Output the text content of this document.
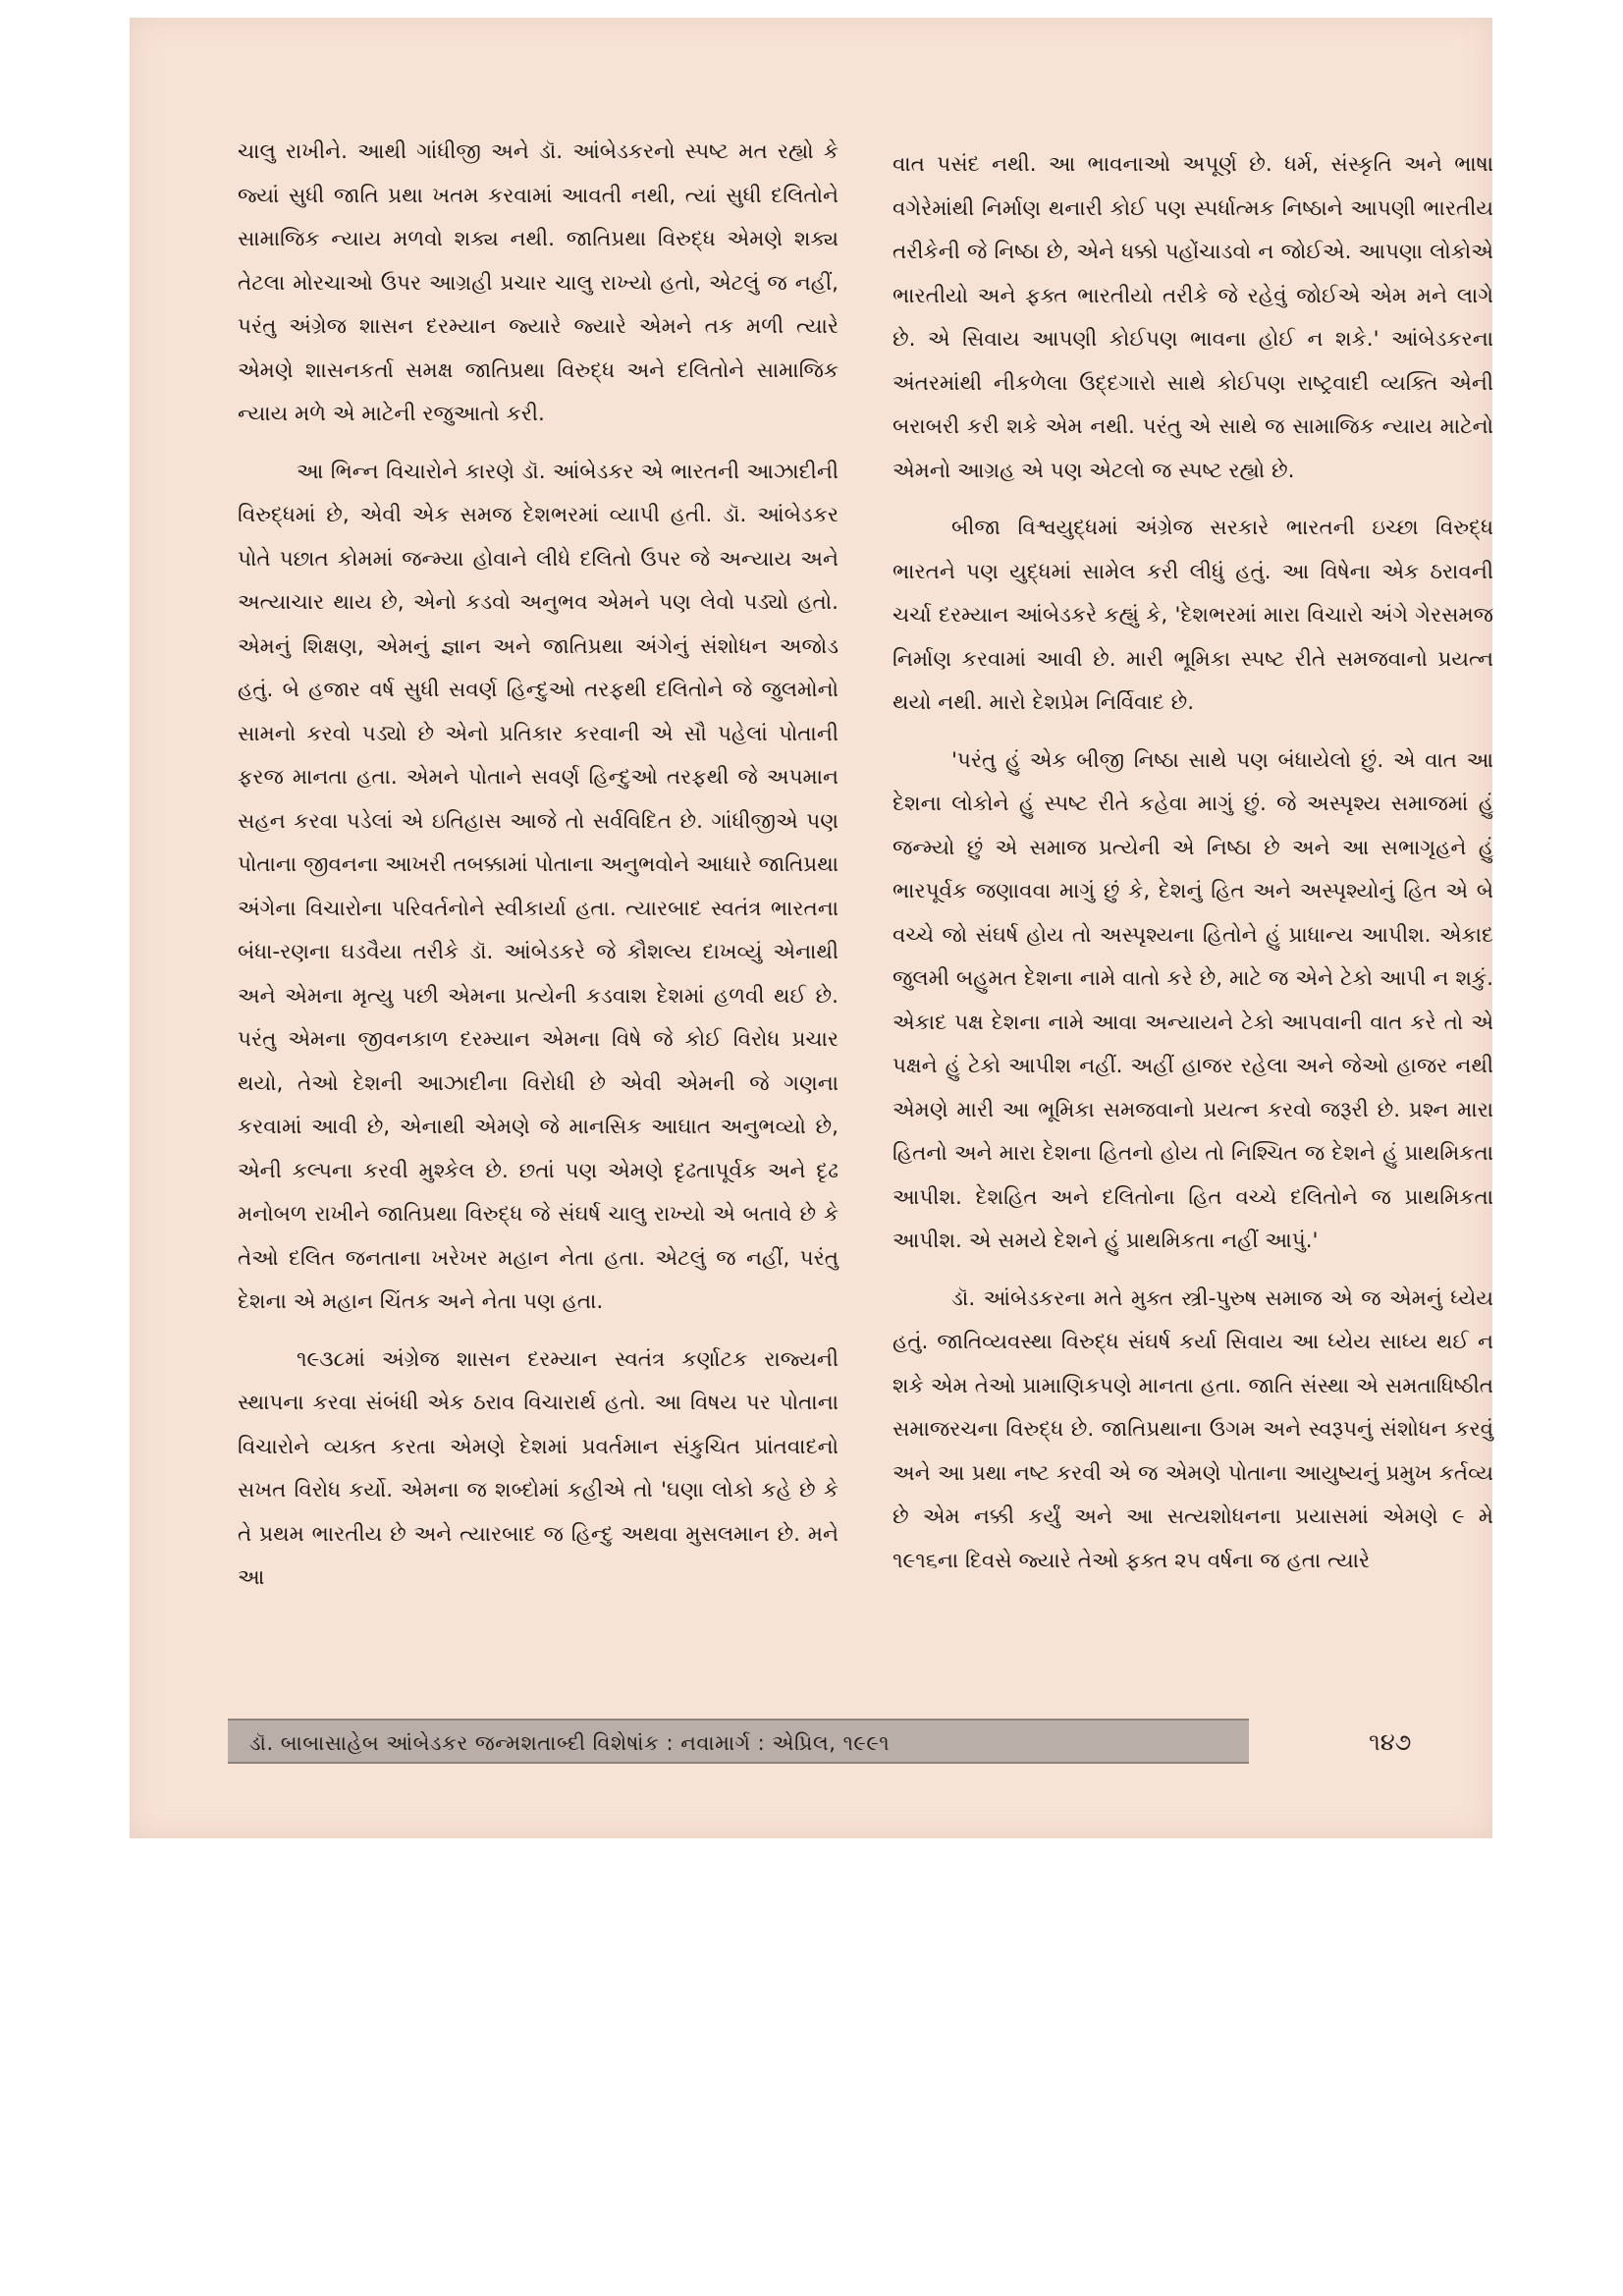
ચાલુ રાખીને. આથી ગાંધીજી અને ડૉ. આંબેડકરનો સ્પષ્ટ મત રહ્યો કે જ્યાં સુધી જાતિ પ્રથા ખતમ કરવામાં આવતી નથી, ત્યાં સુધી દલિતોને સામાજિક ન્યાય મળવો શક્ય નથી. જાતિપ્રથા વિરુદ્ધ એમણે શક્ય તેટલા મોરચાઓ ઉપર આગ્રહી પ્રચાર ચાલુ રાખ્યો હતો, એટલું જ નહીં, પરંતુ અંગ્રેજ શાસન દરમ્યાન જ્યારે જ્યારે એમને તક મળી ત્યારે એમણે શાસનકર્તા સમક્ષ જાતિપ્રથા વિરુદ્ધ અને દલિતોને સામાજિક ન્યાય મળે એ માટેની રજુઆતો કરી.

આ ભિન્ન વિચારોને કારણે ડૉ. આંબેડકર એ ભારતની આઝાદીની વિરુદ્ધમાં છે, એવી એક સમજ દેશભરમાં વ્યાપી હતી. ડૉ. આંબેડકર પોતે પછાત કોમમાં જન્મ્યા હોવાને લીધે દલિતો ઉપર જે અન્યાય અને અત્યાચાર થાય છે, એનો કડવો અનુભવ એમને પણ લેવો પડ્યો હતો. એમનું શિક્ષણ, એમનું જ્ઞાન અને જાતિપ્રથા અંગેનું સંશોધન અજોડ હતું. બે હજાર વર્ષ સુધી સવર્ણ હિન્દુઓ તરફથી દલિતોને જે જુલમોનો સામનો કરવો પડ્યો છે એનો પ્રતિકાર કરવાની એ સૌ પહેલાં પોતાની ફરજ માનતા હતા. એમને પોતાને સવર્ણ હિન્દુઓ તરફથી જે અપમાન સહન કરવા પડેલાં એ ઇતિહાસ આજે તો સર્વવિદિત છે. ગાંધીજીએ પણ પોતાના જીવનના આખરી તબક્કામાં પોતાના અનુભવોને આધારે જાતિપ્રથા અંગેના વિચારોના પરિવર્તનોને સ્વીકાર્યા હતા. ત્યારબાદ સ્વતંત્ર ભારતના બંધા-રણના ઘડવૈયા તરીકે ડૉ. આંબેડકરે જે કૌશલ્ય દાખવ્યું એનાથી અને એમના મૃત્યુ પછી એમના પ્રત્યેની કડવાશ દેશમાં હળવી થઈ છે. પરંતુ એમના જીવનકાળ દરમ્યાન એમના વિષે જે કોઈ વિરોધ પ્રચાર થયો, તેઓ દેશની આઝાદીના વિરોધી છે એવી એમની જે ગણના કરવામાં આવી છે, એનાથી એમણે જે માનસિક આઘાત અનુભવ્યો છે, એની કલ્પના કરવી મુશ્કેલ છે. છતાં પણ એમણે દૃઢતાપૂર્વક અને દૃઢ મનોબળ રાખીને જાતિપ્રથા વિરુદ્ધ જે સંઘર્ષ ચાલુ રાખ્યો એ બતાવે છે કે તેઓ દલિત જનતાના ખરેખર મહાન નેતા હતા. એટલું જ નહીં, પરંતુ દેશના એ મહાન ચિંતક અને નેતા પણ હતા.

૧૯૩૮માં અંગ્રેજ શાસન દરમ્યાન સ્વતંત્ર કર્ણાટક રાજ્યની સ્થાપના કરવા સંબંધી એક ઠરાવ વિચારાર્થ હતો. આ વિષય પર પોતાના વિચારોને વ્યક્ત કરતા એમણે દેશમાં પ્રવર્તમાન સંકુચિત પ્રાંતવાદનો સખત વિરોધ કર્યો. એમના જ શબ્દોમાં કહીએ તો 'ઘણા લોકો કહે છે કે તે પ્રથમ ભારતીય છે અને ત્યારબાદ જ હિન્દુ અથવા મુસલમાન છે. મને આ

વાત પસંદ નથી. આ ભાવનાઓ અપૂર્ણ છે. ધર્મ, સંસ્કૃતિ અને ભાષા વગેરેમાંથી નિર્માણ થનારી કોઈ પણ સ્પર્ધાત્મક નિષ્ઠાને આપણી ભારતીય તરીકેની જે નિષ્ઠા છે, એને ધક્કો પહોંચાડવો ન જોઈએ. આપણા લોકોએ ભારતીયો અને ફક્ત ભારતીયો તરીકે જે રહેવું જોઈએ એમ મને લાગે છે. એ સિવાય આપણી કોઈપણ ભાવના હોઈ ન શકે.' આંબેડકરના અંતરમાંથી નીકળેલા ઉદ્દગારો સાથે કોઈપણ રાષ્ટ્રવાદી વ્યક્તિ એની બરાબરી કરી શકે એમ નથી. પરંતુ એ સાથે જ સામાજિક ન્યાય માટેનો એમનો આગ્રહ એ પણ એટલો જ સ્પષ્ટ રહ્યો છે.

બીજા વિશ્વયુદ્ધમાં અંગ્રેજ સરકારે ભારતની ઇચ્છા વિરુદ્ધ ભારતને પણ યુદ્ધમાં સામેલ કરી લીધું હતું. આ વિષેના એક ઠરાવની ચર્ચા દરમ્યાન આંબેડકરે કહ્યું કે, 'દેશભરમાં મારા વિચારો અંગે ગેરસમજ નિર્માણ કરવામાં આવી છે. મારી ભૂમિકા સ્પષ્ટ રીતે સમજવાનો પ્રયત્ન થયો નથી. મારો દેશપ્રેમ નિર્વિવાદ છે.

'પરંતુ હું એક બીજી નિષ્ઠા સાથે પણ બંધાયેલો છું. એ વાત આ દેશના લોકોને હું સ્પષ્ટ રીતે કહેવા માગું છું. જે અસ્પૃશ્ય સમાજમાં હું જન્મ્યો છું એ સમાજ પ્રત્યેની એ નિષ્ઠા છે અને આ સભાગૃહને હું ભારપૂર્વક જણાવવા માગું છું કે, દેશનું હિત અને અસ્પૃશ્યોનું હિત એ બે વચ્ચે જો સંઘર્ષ હોય તો અસ્પૃશ્યના હિતોને હું પ્રાધાન્ય આપીશ. એકાદ જુલમી બહુમત દેશના નામે વાતો કરે છે, માટે જ એને ટેકો આપી ન શકું. એકાદ પક્ષ દેશના નામે આવા અન્યાયને ટેકો આપવાની વાત કરે તો એ પક્ષને હું ટેકો આપીશ નહીં. અહીં હાજર રહેલા અને જેઓ હાજર નથી એમણે મારી આ ભૂમિકા સમજવાનો પ્રયત્ન કરવો જરૂરી છે. પ્રશ્ન મારા હિતનો અને મારા દેશના હિતનો હોય તો નિશ્ચિત જ દેશને હું પ્રાથમિકતા આપીશ. દેશહિત અને દલિતોના હિત વચ્ચે દલિતોને જ પ્રાથમિકતા આપીશ. એ સમયે દેશને હું પ્રાથમિકતા નહીં આપું.'

ડૉ. આંબેડકરના મતે મુક્ત સ્ત્રી-પુરુષ સમાજ એ જ એમનું ધ્યેય હતું. જાતિવ્યવસ્થા વિરુદ્ધ સંઘર્ષ કર્યા સિવાય આ ધ્યેય સાધ્ય થઈ ન શકે એમ તેઓ પ્રામાણિકપણે માનતા હતા. જાતિ સંસ્થા એ સમતાધિષ્ઠીત સમાજરચના વિરુદ્ધ છે. જાતિપ્રથાના ઉગમ અને સ્વરૂપનું સંશોધન કરવું અને આ પ્રથા નષ્ટ કરવી એ જ એમણે પોતાના આયુષ્યનું પ્રમુખ કર્તવ્ય છે એમ નક્કી કર્યું અને આ સત્યશોધનના પ્રયાસમાં એમણે ૯ મે ૧૯૧૬ના દિવસે જ્યારે તેઓ ફક્ત ૨૫ વર્ષના જ હતા ત્યારે

ડૉ. બાબાસાહેબ આંબેડકર જન્મશતાબ્દી વિશેષાંક : નવામાર્ગ : એપ્રિલ, ૧૯૯૧	૧૪૭
